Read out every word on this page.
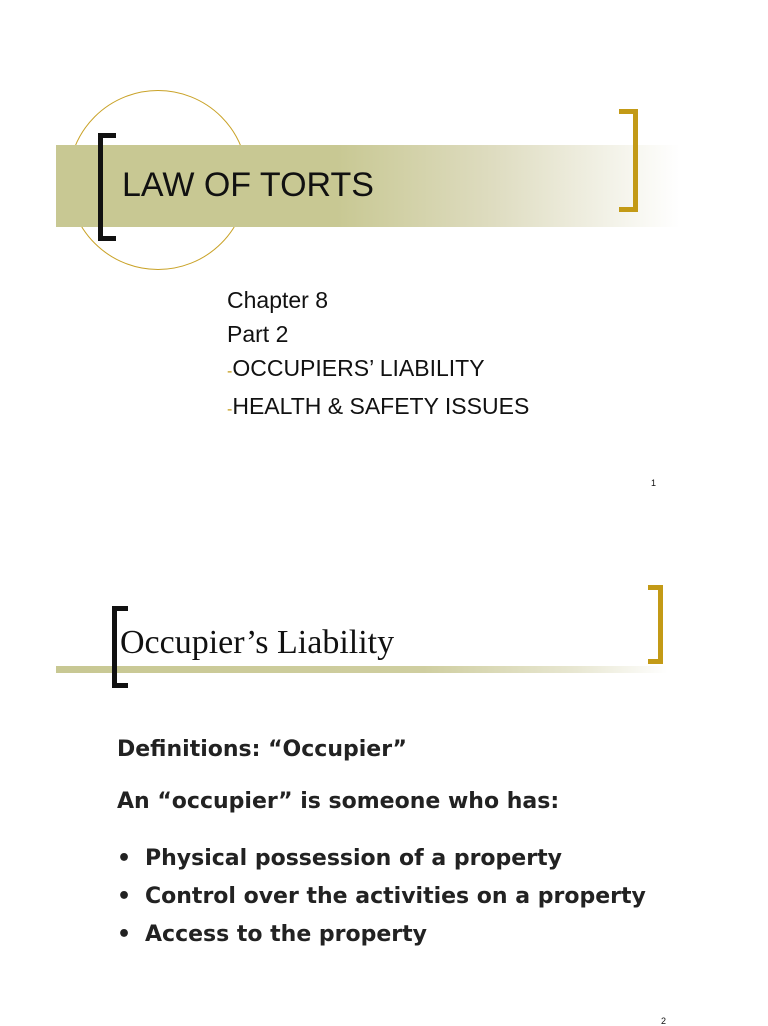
LAW OF TORTS
Chapter 8
Part 2
-OCCUPIERS’ LIABILITY
-HEALTH & SAFETY ISSUES
1
Occupier’s Liability

Definitions: “Occupier”

An “occupier” is someone who has:

• Physical possession of a property
• Control over the activities on a property
• Access to the property
2
